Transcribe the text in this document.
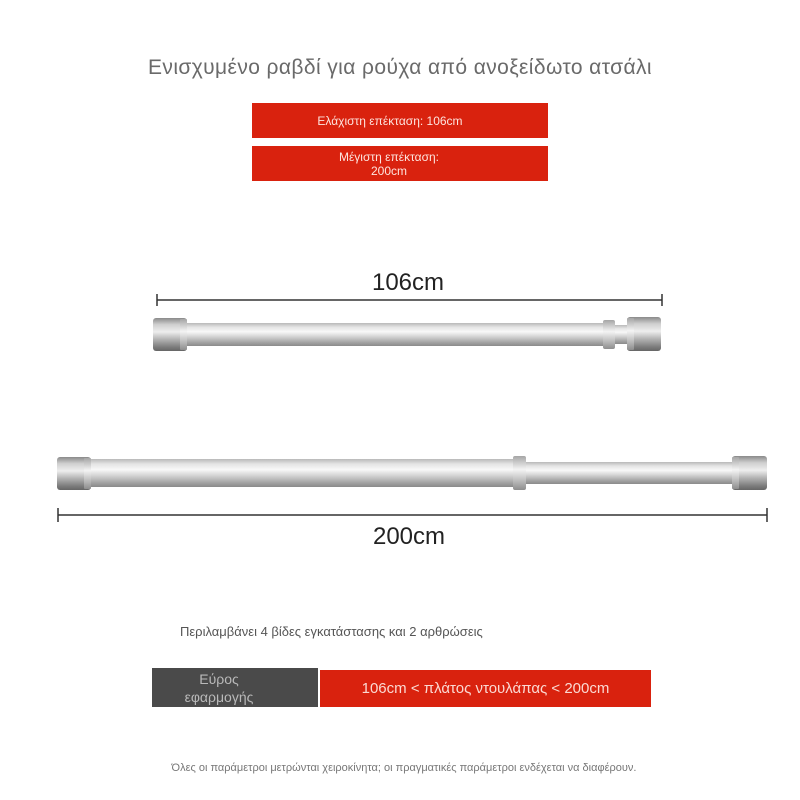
Ενισχυμένο ραβδί για ρούχα από ανοξείδωτο ατσάλι
Ελάχιστη επέκταση: 106cm
Μέγιστη επέκταση:
200cm
106cm
200cm
Περιλαμβάνει 4 βίδες εγκατάστασης και 2 αρθρώσεις
Εύρος
εφαρμογής	106cm < πλάτος ντουλάπας < 200cm
Όλες οι παράμετροι μετρώνται χειροκίνητα; οι πραγματικές παράμετροι ενδέχεται να διαφέρουν.
